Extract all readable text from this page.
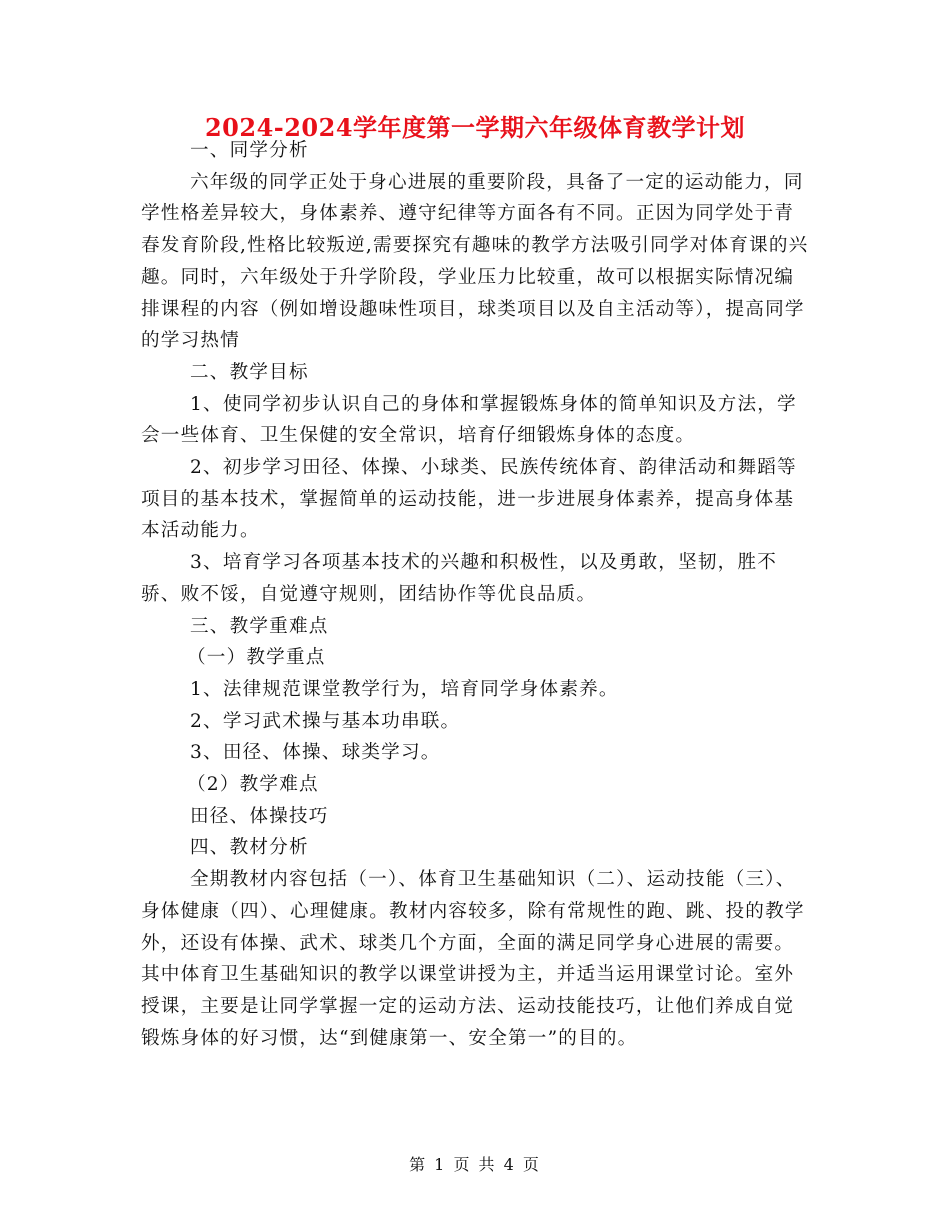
2024-2024学年度第一学期六年级体育教学计划

一、同学分析

六年级的同学正处于身心进展的重要阶段，具备了一定的运动能力，同学性格差异较大，身体素养、遵守纪律等方面各有不同。正因为同学处于青春发育阶段,性格比较叛逆,需要探究有趣味的教学方法吸引同学对体育课的兴趣。同时，六年级处于升学阶段，学业压力比较重，故可以根据实际情况编排课程的内容（例如增设趣味性项目，球类项目以及自主活动等），提高同学的学习热情

二、教学目标

1、使同学初步认识自己的身体和掌握锻炼身体的简单知识及方法，学会一些体育、卫生保健的安全常识，培育仔细锻炼身体的态度。

2、初步学习田径、体操、小球类、民族传统体育、韵律活动和舞蹈等项目的基本技术，掌握简单的运动技能，进一步进展身体素养，提高身体基本活动能力。

3、培育学习各项基本技术的兴趣和积极性，以及勇敢，坚韧，胜不骄、败不馁，自觉遵守规则，团结协作等优良品质。

三、教学重难点

（一）教学重点

1、法律规范课堂教学行为，培育同学身体素养。

2、学习武术操与基本功串联。

3、田径、体操、球类学习。

（2）教学难点

田径、体操技巧

四、教材分析

全期教材内容包括（一）、体育卫生基础知识（二）、运动技能（三）、身体健康（四）、心理健康。教材内容较多，除有常规性的跑、跳、投的教学外，还设有体操、武术、球类几个方面，全面的满足同学身心进展的需要。其中体育卫生基础知识的教学以课堂讲授为主，并适当运用课堂讨论。室外授课，主要是让同学掌握一定的运动方法、运动技能技巧，让他们养成自觉锻炼身体的好习惯，达“到健康第一、安全第一”的目的。

第 1 页 共 4 页
